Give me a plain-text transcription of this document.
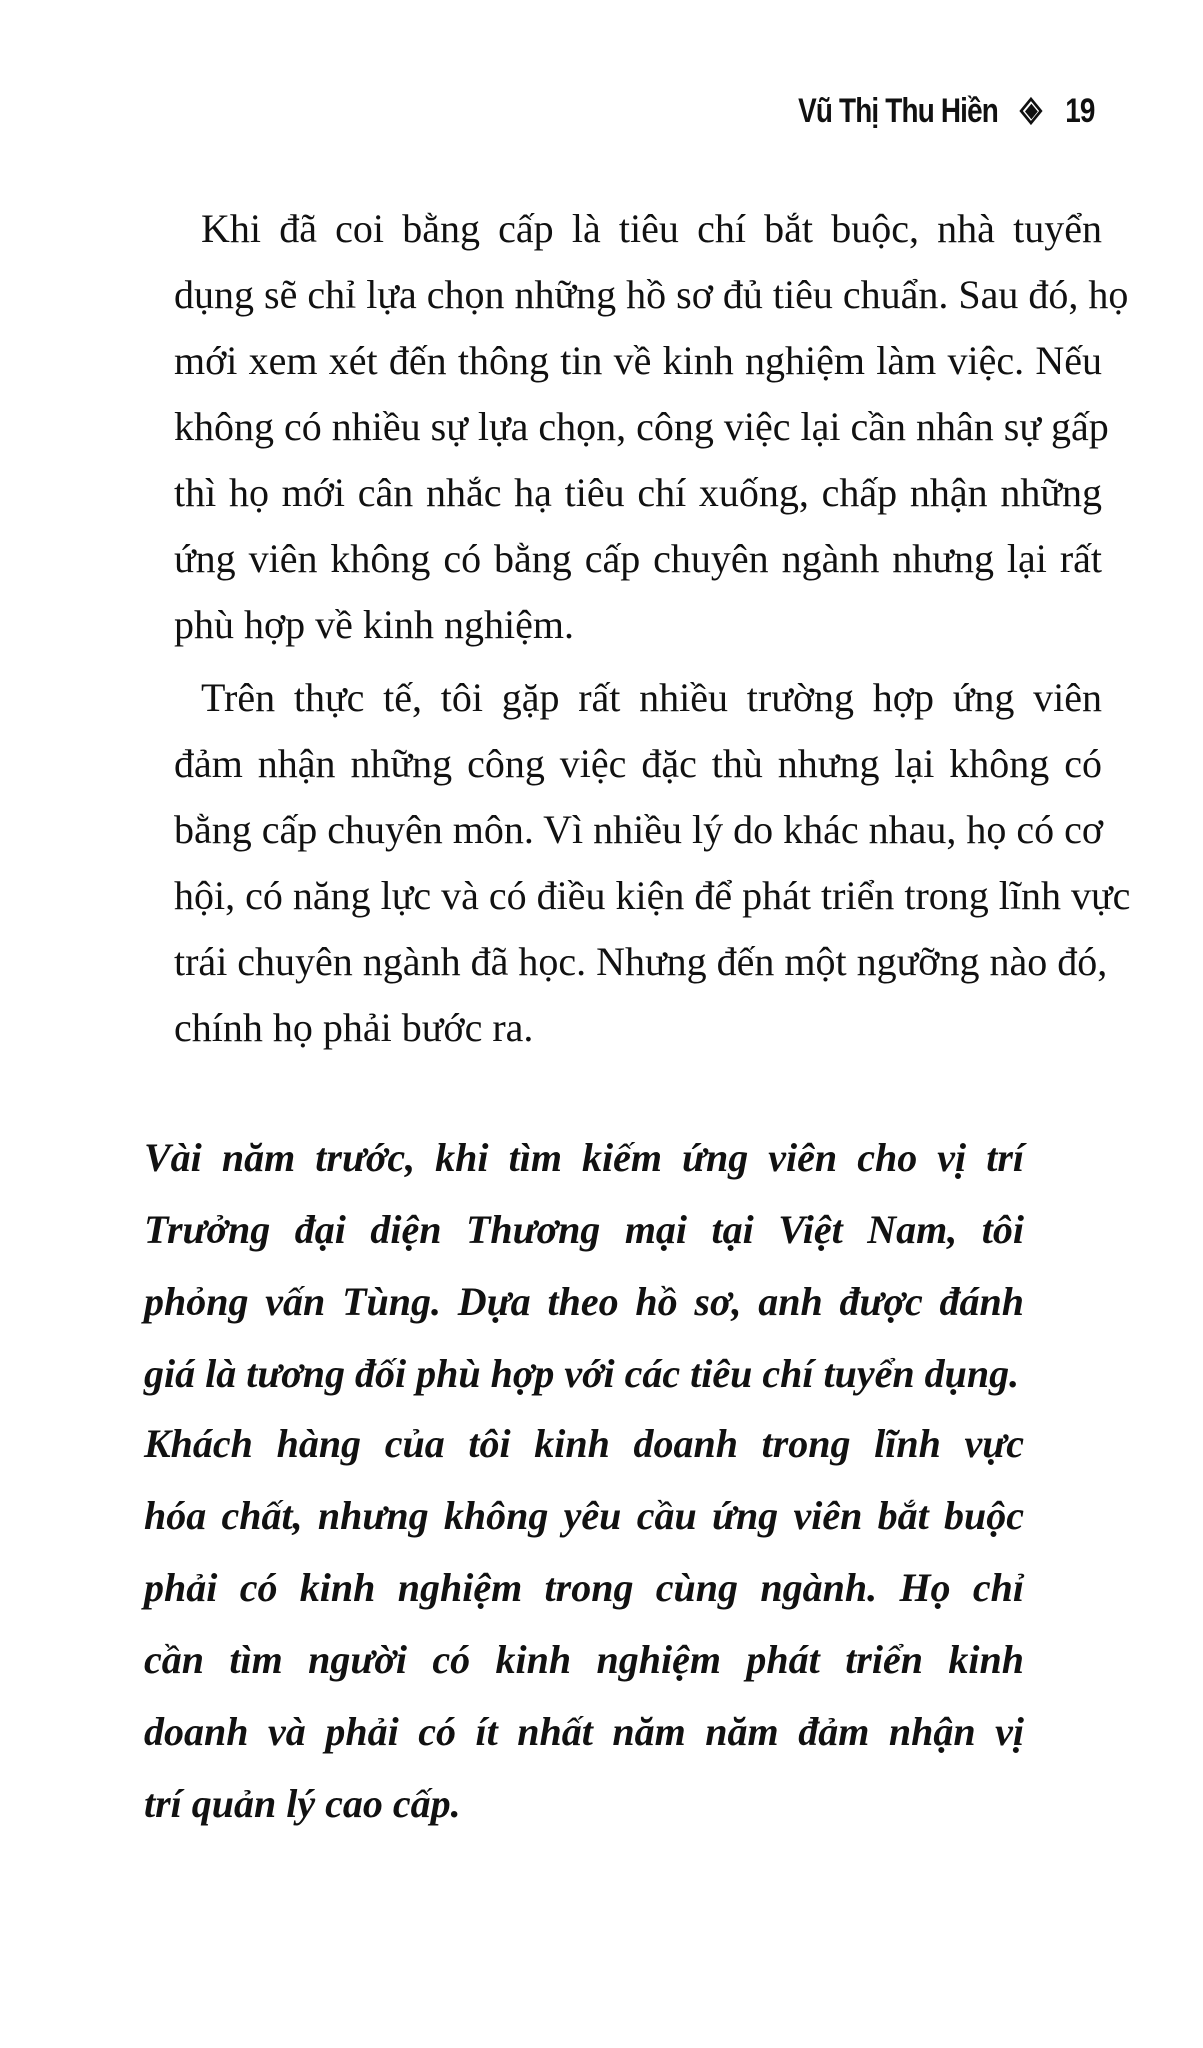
Vũ Thị Thu Hiền 19
Khi đã coi bằng cấp là tiêu chí bắt buộc, nhà tuyển
dụng sẽ chỉ lựa chọn những hồ sơ đủ tiêu chuẩn. Sau đó, họ
mới xem xét đến thông tin về kinh nghiệm làm việc. Nếu
không có nhiều sự lựa chọn, công việc lại cần nhân sự gấp
thì họ mới cân nhắc hạ tiêu chí xuống, chấp nhận những
ứng viên không có bằng cấp chuyên ngành nhưng lại rất
phù hợp về kinh nghiệm.
Trên thực tế, tôi gặp rất nhiều trường hợp ứng viên
đảm nhận những công việc đặc thù nhưng lại không có
bằng cấp chuyên môn. Vì nhiều lý do khác nhau, họ có cơ
hội, có năng lực và có điều kiện để phát triển trong lĩnh vực
trái chuyên ngành đã học. Nhưng đến một ngưỡng nào đó,
chính họ phải bước ra.
Vài năm trước, khi tìm kiếm ứng viên cho vị trí
Trưởng đại diện Thương mại tại Việt Nam, tôi
phỏng vấn Tùng. Dựa theo hồ sơ, anh được đánh
giá là tương đối phù hợp với các tiêu chí tuyển dụng.
Khách hàng của tôi kinh doanh trong lĩnh vực
hóa chất, nhưng không yêu cầu ứng viên bắt buộc
phải có kinh nghiệm trong cùng ngành. Họ chỉ
cần tìm người có kinh nghiệm phát triển kinh
doanh và phải có ít nhất năm năm đảm nhận vị
trí quản lý cao cấp.
